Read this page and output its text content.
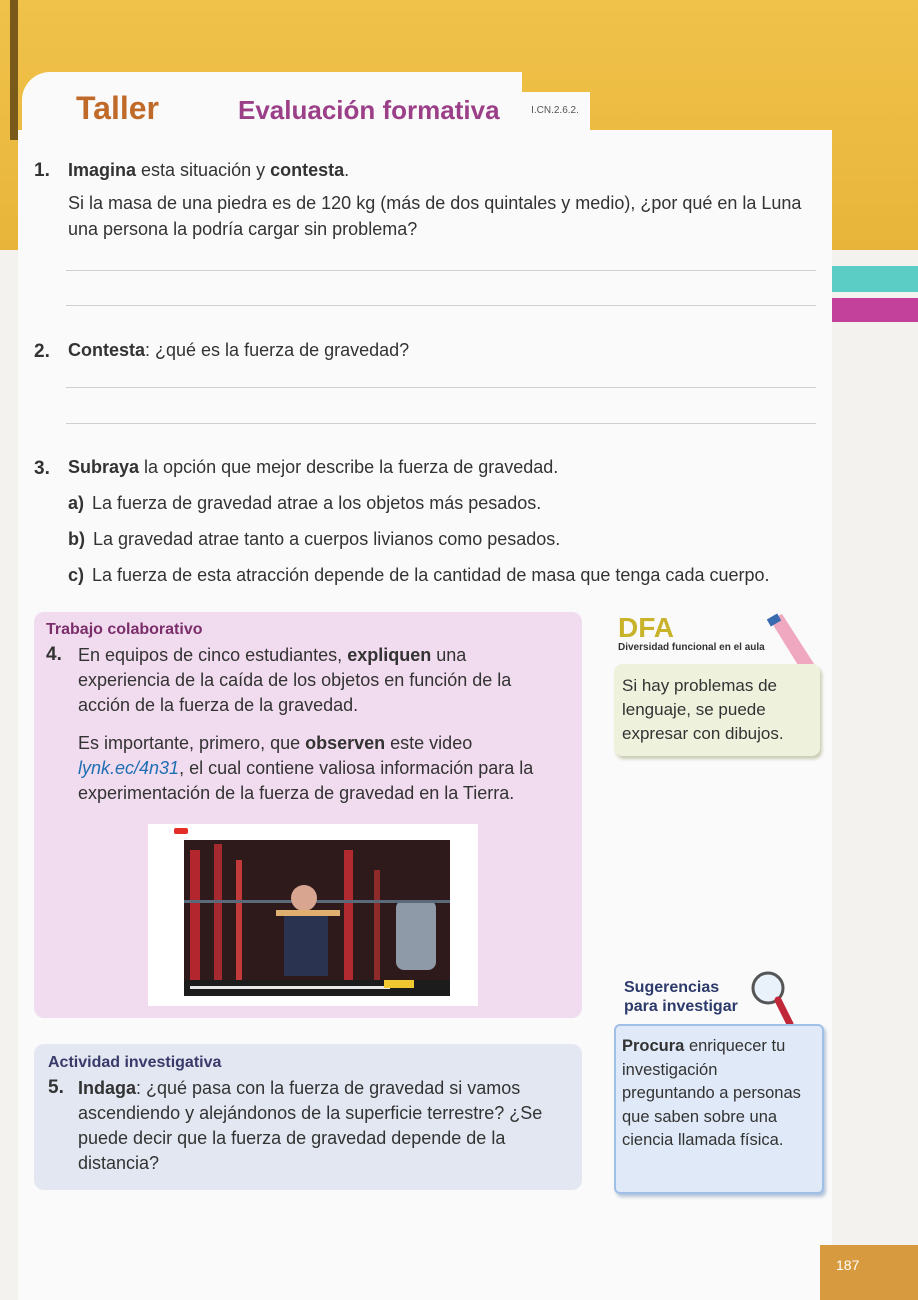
Taller	Evaluación formativa	I.CN.2.6.2.
1. Imagina esta situación y contesta.
Si la masa de una piedra es de 120 kg (más de dos quintales y medio), ¿por qué en la Luna una persona la podría cargar sin problema?
2. Contesta: ¿qué es la fuerza de gravedad?
3. Subraya la opción que mejor describe la fuerza de gravedad.
a) La fuerza de gravedad atrae a los objetos más pesados.
b) La gravedad atrae tanto a cuerpos livianos como pesados.
c) La fuerza de esta atracción depende de la cantidad de masa que tenga cada cuerpo.
Trabajo colaborativo
4. En equipos de cinco estudiantes, expliquen una experiencia de la caída de los objetos en función de la acción de la fuerza de la gravedad.
Es importante, primero, que observen este video lynk.ec/4n31, el cual contiene valiosa información para la experimentación de la fuerza de gravedad en la Tierra.
Actividad investigativa
5. Indaga: ¿qué pasa con la fuerza de gravedad si vamos ascendiendo y alejándonos de la superficie terrestre? ¿Se puede decir que la fuerza de gravedad depende de la distancia?
DFA
Diversidad funcional en el aula
Si hay problemas de lenguaje, se puede expresar con dibujos.
Sugerencias
para investigar
Procura enriquecer tu investigación preguntando a personas que saben sobre una ciencia llamada física.
187
